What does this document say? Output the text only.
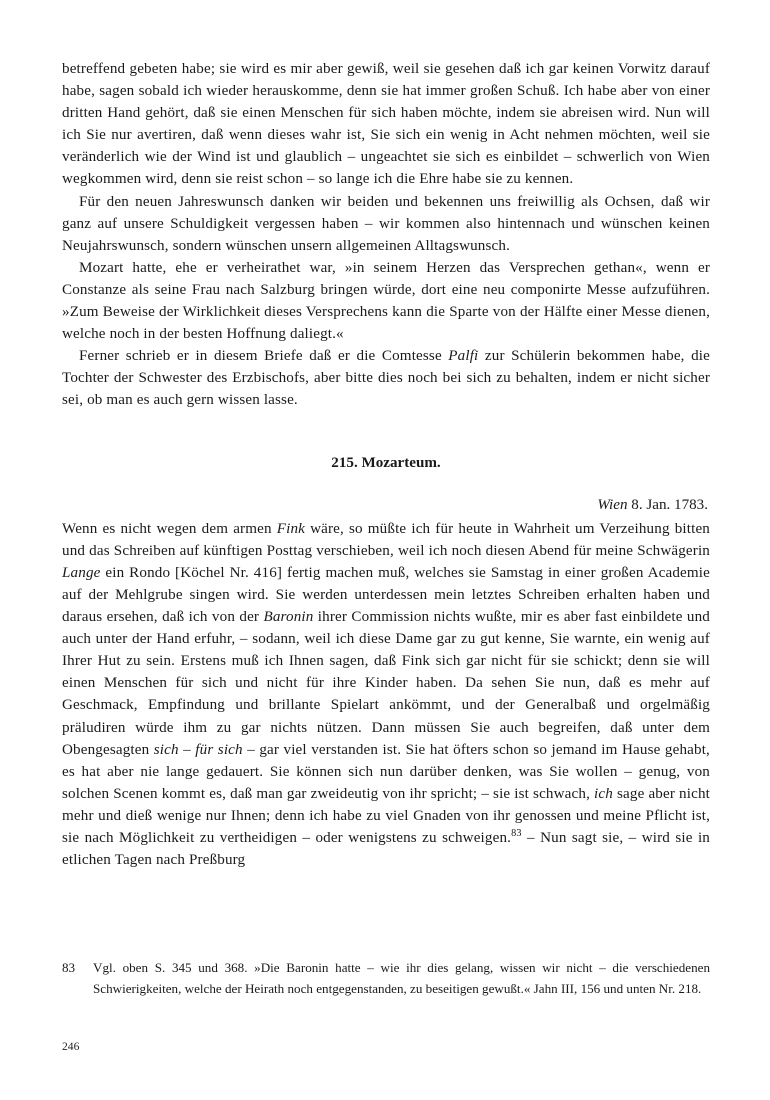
betreffend gebeten habe; sie wird es mir aber gewiß, weil sie gesehen daß ich gar keinen Vorwitz darauf habe, sagen sobald ich wieder herauskomme, denn sie hat immer großen Schuß. Ich habe aber von einer dritten Hand gehört, daß sie einen Menschen für sich haben möchte, indem sie abreisen wird. Nun will ich Sie nur avertiren, daß wenn dieses wahr ist, Sie sich ein wenig in Acht nehmen möchten, weil sie veränderlich wie der Wind ist und glaublich – ungeachtet sie sich es einbildet – schwerlich von Wien wegkommen wird, denn sie reist schon – so lange ich die Ehre habe sie zu kennen.

Für den neuen Jahreswunsch danken wir beiden und bekennen uns freiwillig als Ochsen, daß wir ganz auf unsere Schuldigkeit vergessen haben – wir kommen also hintennach und wünschen keinen Neujahrswunsch, sondern wünschen unsern allgemeinen Alltagswunsch.

Mozart hatte, ehe er verheirathet war, »in seinem Herzen das Versprechen gethan«, wenn er Constanze als seine Frau nach Salzburg bringen würde, dort eine neu componirte Messe aufzuführen. »Zum Beweise der Wirklichkeit dieses Versprechens kann die Sparte von der Hälfte einer Messe dienen, welche noch in der besten Hoffnung daliegt.«

Ferner schrieb er in diesem Briefe daß er die Comtesse Palfi zur Schülerin bekommen habe, die Tochter der Schwester des Erzbischofs, aber bitte dies noch bei sich zu behalten, indem er nicht sicher sei, ob man es auch gern wissen lasse.

215. Mozarteum.

Wien 8. Jan. 1783.

Wenn es nicht wegen dem armen Fink wäre, so müßte ich für heute in Wahrheit um Verzeihung bitten und das Schreiben auf künftigen Posttag verschieben, weil ich noch diesen Abend für meine Schwägerin Lange ein Rondo [Köchel Nr. 416] fertig machen muß, welches sie Samstag in einer großen Academie auf der Mehlgrube singen wird. Sie werden unterdessen mein letztes Schreiben erhalten haben und daraus ersehen, daß ich von der Baronin ihrer Commission nichts wußte, mir es aber fast einbildete und auch unter der Hand erfuhr, – sodann, weil ich diese Dame gar zu gut kenne, Sie warnte, ein wenig auf Ihrer Hut zu sein. Erstens muß ich Ihnen sagen, daß Fink sich gar nicht für sie schickt; denn sie will einen Menschen für sich und nicht für ihre Kinder haben. Da sehen Sie nun, daß es mehr auf Geschmack, Empfindung und brillante Spielart ankömmt, und der Generalbaß und orgelmäßig präludiren würde ihm zu gar nichts nützen. Dann müssen Sie auch begreifen, daß unter dem Obengesagten sich – für sich – gar viel verstanden ist. Sie hat öfters schon so jemand im Hause gehabt, es hat aber nie lange gedauert. Sie können sich nun darüber denken, was Sie wollen – genug, von solchen Scenen kommt es, daß man gar zweideutig von ihr spricht; – sie ist schwach, ich sage aber nicht mehr und dieß wenige nur Ihnen; denn ich habe zu viel Gnaden von ihr genossen und meine Pflicht ist, sie nach Möglichkeit zu vertheidigen – oder wenigstens zu schweigen.$^{83}$ – Nun sagt sie, – wird sie in etlichen Tagen nach Preßburg

83 Vgl. oben S. 345 und 368. »Die Baronin hatte – wie ihr dies gelang, wissen wir nicht – die verschiedenen Schwierigkeiten, welche der Heirath noch entgegenstanden, zu beseitigen gewußt.« Jahn III, 156 und unten Nr. 218.
246
